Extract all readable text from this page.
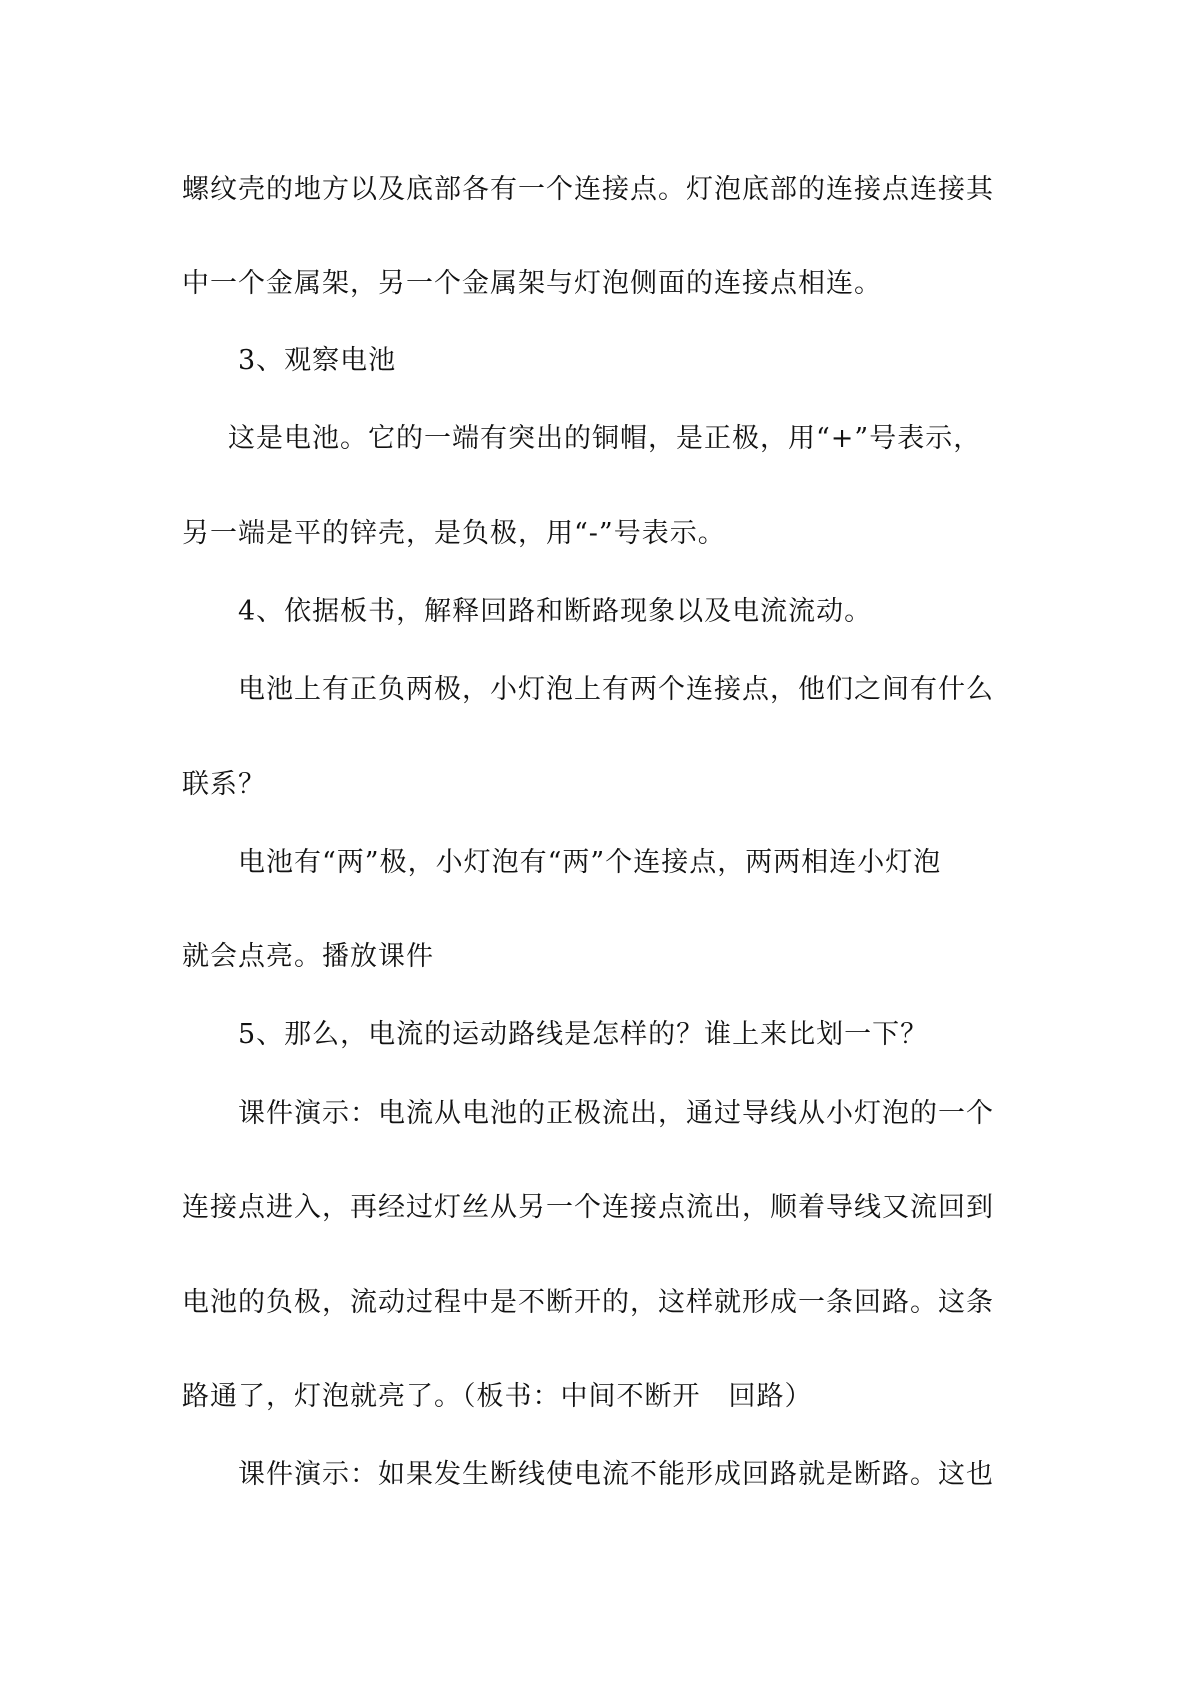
螺纹壳的地方以及底部各有一个连接点。灯泡底部的连接点连接其
中一个金属架，另一个金属架与灯泡侧面的连接点相连。
3、观察电池
这是电池。它的一端有突出的铜帽，是正极，用“+”号表示，
另一端是平的锌壳，是负极，用“-”号表示。
4、依据板书，解释回路和断路现象以及电流流动。
电池上有正负两极，小灯泡上有两个连接点，他们之间有什么
联系？
电池有“两”极，小灯泡有“两”个连接点，两两相连小灯泡
就会点亮。播放课件
5、那么，电流的运动路线是怎样的？谁上来比划一下？
课件演示：电流从电池的正极流出，通过导线从小灯泡的一个
连接点进入，再经过灯丝从另一个连接点流出，顺着导线又流回到
电池的负极，流动过程中是不断开的，这样就形成一条回路。这条
路通了，灯泡就亮了。（板书：中间不断开　回路）
课件演示：如果发生断线使电流不能形成回路就是断路。这也
